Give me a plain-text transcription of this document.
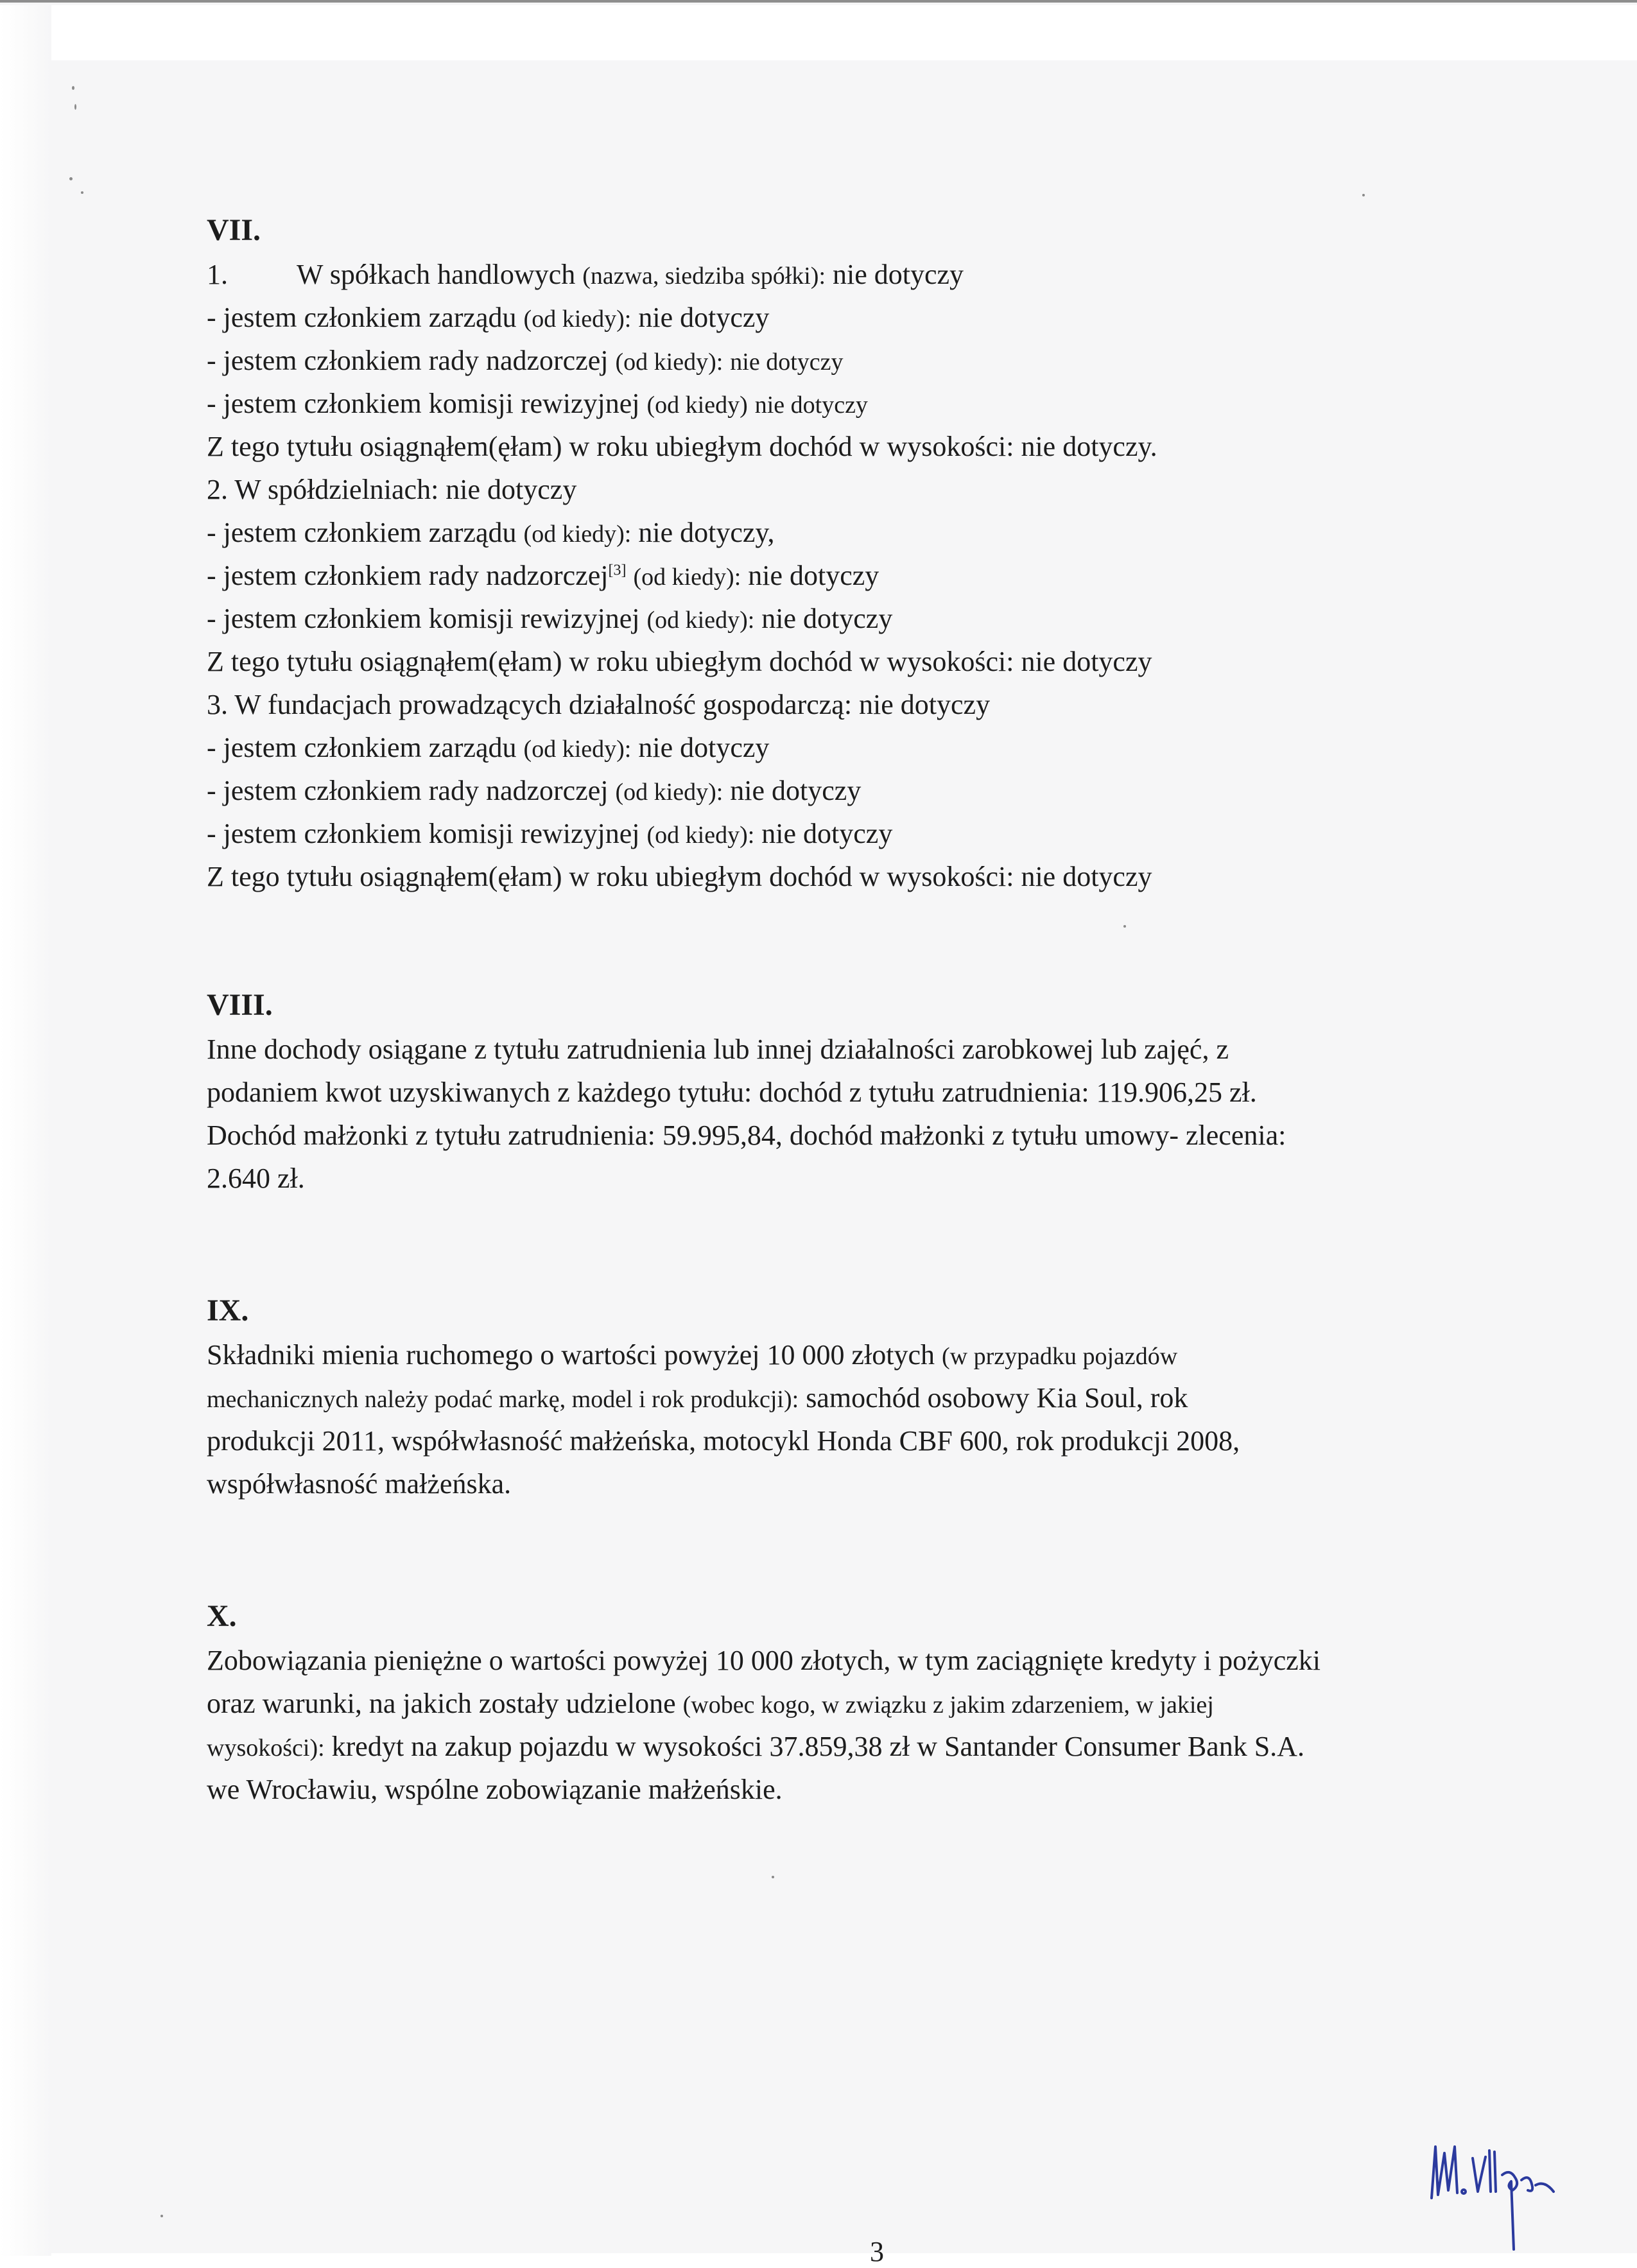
VII.
1. W spółkach handlowych (nazwa, siedziba spółki): nie dotyczy
- jestem członkiem zarządu (od kiedy): nie dotyczy
- jestem członkiem rady nadzorczej (od kiedy): nie dotyczy
- jestem członkiem komisji rewizyjnej (od kiedy) nie dotyczy
Z tego tytułu osiągnąłem(ęłam) w roku ubiegłym dochód w wysokości: nie dotyczy.
2. W spółdzielniach: nie dotyczy
- jestem członkiem zarządu (od kiedy): nie dotyczy,
- jestem członkiem rady nadzorczej[3] (od kiedy): nie dotyczy
- jestem członkiem komisji rewizyjnej (od kiedy): nie dotyczy
Z tego tytułu osiągnąłem(ęłam) w roku ubiegłym dochód w wysokości: nie dotyczy
3. W fundacjach prowadzących działalność gospodarczą: nie dotyczy
- jestem członkiem zarządu (od kiedy): nie dotyczy
- jestem członkiem rady nadzorczej (od kiedy): nie dotyczy
- jestem członkiem komisji rewizyjnej (od kiedy): nie dotyczy
Z tego tytułu osiągnąłem(ęłam) w roku ubiegłym dochód w wysokości: nie dotyczy
VIII.
Inne dochody osiągane z tytułu zatrudnienia lub innej działalności zarobkowej lub zajęć, z
podaniem kwot uzyskiwanych z każdego tytułu: dochód z tytułu zatrudnienia: 119.906,25 zł.
Dochód małżonki z tytułu zatrudnienia: 59.995,84, dochód małżonki z tytułu umowy- zlecenia:
2.640 zł.
IX.
Składniki mienia ruchomego o wartości powyżej 10 000 złotych (w przypadku pojazdów
mechanicznych należy podać markę, model i rok produkcji): samochód osobowy Kia Soul, rok
produkcji 2011, współwłasność małżeńska, motocykl Honda CBF 600, rok produkcji 2008,
współwłasność małżeńska.
X.
Zobowiązania pieniężne o wartości powyżej 10 000 złotych, w tym zaciągnięte kredyty i pożyczki
oraz warunki, na jakich zostały udzielone (wobec kogo, w związku z jakim zdarzeniem, w jakiej
wysokości): kredyt na zakup pojazdu w wysokości 37.859,38 zł w Santander Consumer Bank S.A.
we Wrocławiu, wspólne zobowiązanie małżeńskie.
3
